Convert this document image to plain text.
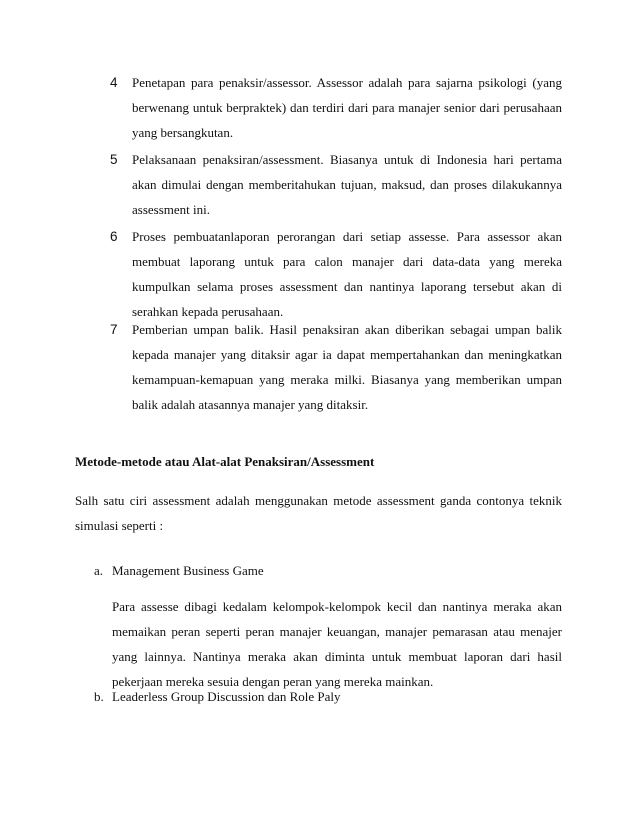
4 Penetapan para penaksir/assessor. Assessor adalah para sajarna psikologi (yang berwenang untuk berpraktek) dan terdiri dari para manajer senior dari perusahaan yang bersangkutan.
5 Pelaksanaan penaksiran/assessment. Biasanya untuk di Indonesia hari pertama akan dimulai dengan memberitahukan tujuan, maksud, dan proses dilakukannya assessment ini.
6 Proses pembuatanlaporan perorangan dari setiap assesse. Para assessor akan membuat laporang untuk para calon manajer dari data-data yang mereka kumpulkan selama proses assessment dan nantinya laporang tersebut akan di serahkan kepada perusahaan.
7 Pemberian umpan balik. Hasil penaksiran akan diberikan sebagai umpan balik kepada manajer yang ditaksir agar ia dapat mempertahankan dan meningkatkan kemampuan-kemapuan yang meraka milki. Biasanya yang memberikan umpan balik adalah atasannya manajer yang ditaksir.
Metode-metode atau Alat-alat Penaksiran/Assessment
Salh satu ciri assessment adalah menggunakan metode assessment ganda contonya teknik simulasi seperti :
a. Management Business Game
Para assesse dibagi kedalam kelompok-kelompok kecil dan nantinya meraka akan memaikan peran seperti peran manajer keuangan, manajer pemarasan atau menajer yang lainnya. Nantinya meraka akan diminta untuk membuat laporan dari hasil pekerjaan mereka sesuia dengan peran yang mereka mainkan.
b. Leaderless Group Discussion dan Role Paly
